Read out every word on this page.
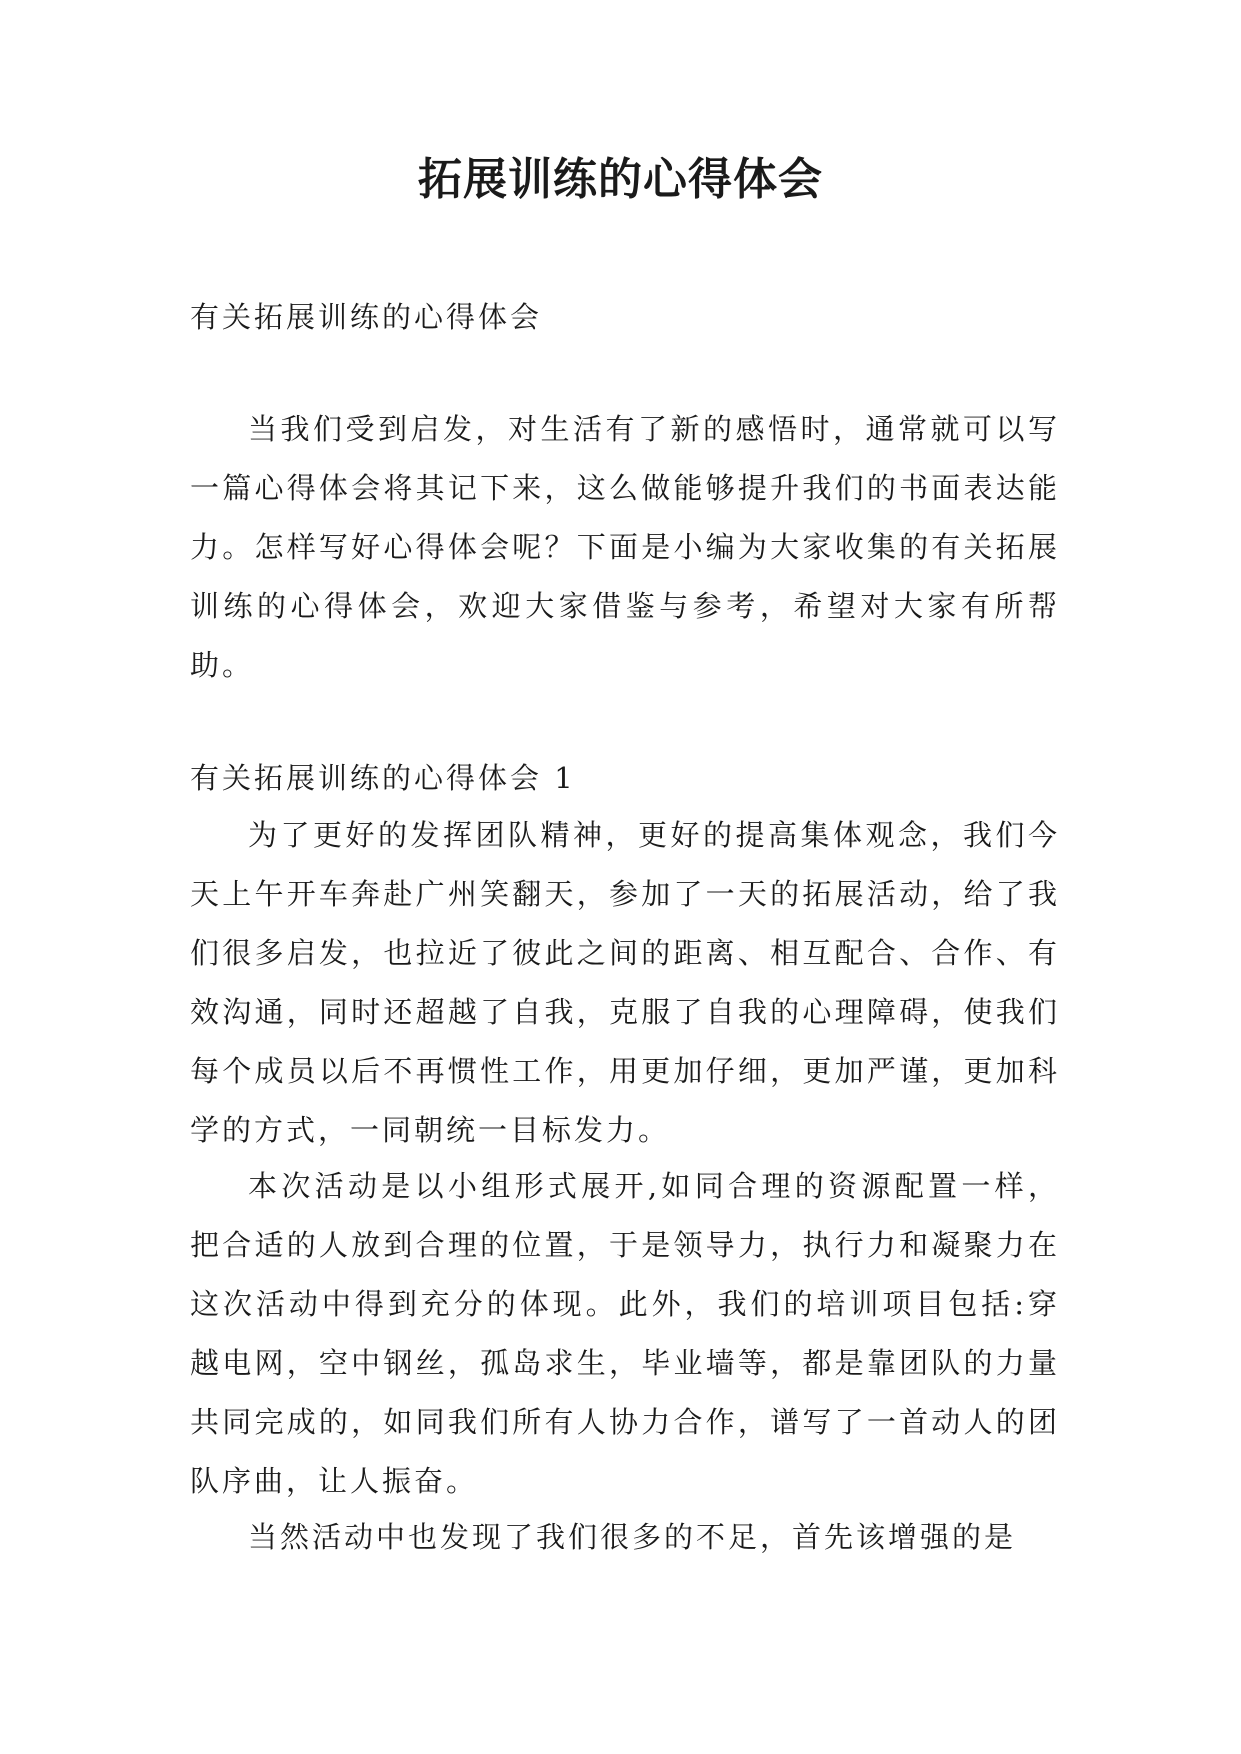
拓展训练的心得体会

有关拓展训练的心得体会

当我们受到启发，对生活有了新的感悟时，通常就可以写一篇心得体会将其记下来，这么做能够提升我们的书面表达能力。怎样写好心得体会呢？下面是小编为大家收集的有关拓展训练的心得体会，欢迎大家借鉴与参考，希望对大家有所帮助。

有关拓展训练的心得体会 1

为了更好的发挥团队精神，更好的提高集体观念，我们今天上午开车奔赴广州笑翻天，参加了一天的拓展活动，给了我们很多启发，也拉近了彼此之间的距离、相互配合、合作、有效沟通，同时还超越了自我，克服了自我的心理障碍，使我们每个成员以后不再惯性工作，用更加仔细，更加严谨，更加科学的方式，一同朝统一目标发力。

本次活动是以小组形式展开,如同合理的资源配置一样，把合适的人放到合理的位置，于是领导力，执行力和凝聚力在这次活动中得到充分的体现。此外，我们的培训项目包括:穿越电网，空中钢丝，孤岛求生，毕业墙等，都是靠团队的力量共同完成的，如同我们所有人协力合作，谱写了一首动人的团队序曲，让人振奋。

当然活动中也发现了我们很多的不足，首先该增强的是
